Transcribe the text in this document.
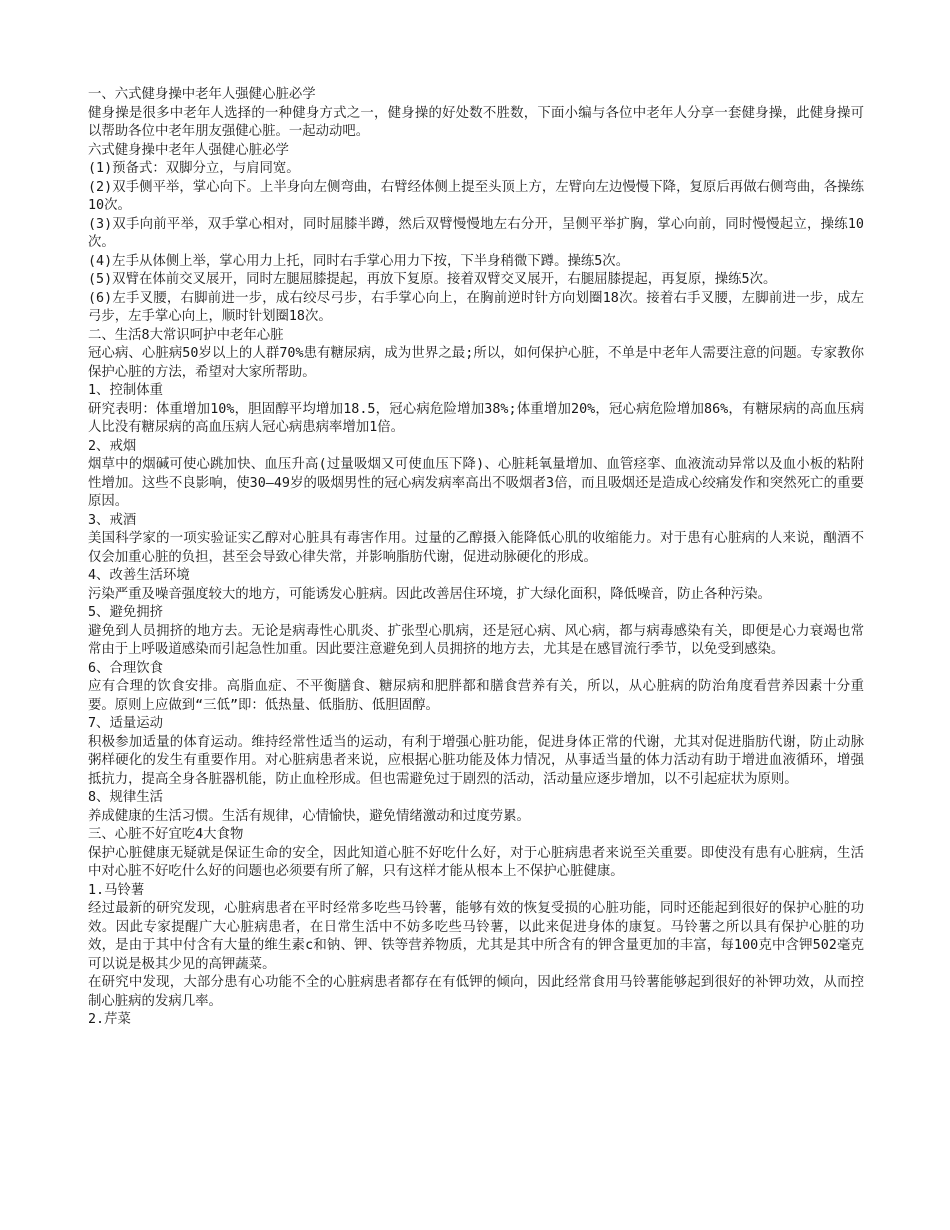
一、六式健身操中老年人强健心脏必学

健身操是很多中老年人选择的一种健身方式之一，健身操的好处数不胜数，下面小编与各位中老年人分享一套健身操，此健身操可以帮助各位中老年朋友强健心脏。一起动动吧。

六式健身操中老年人强健心脏必学

(1)预备式：双脚分立，与肩同宽。

(2)双手侧平举，掌心向下。上半身向左侧弯曲，右臂经体侧上提至头顶上方，左臂向左边慢慢下降，复原后再做右侧弯曲，各操练10次。

(3)双手向前平举，双手掌心相对，同时屈膝半蹲，然后双臂慢慢地左右分开，呈侧平举扩胸，掌心向前，同时慢慢起立，操练10次。

(4)左手从体侧上举，掌心用力上托，同时右手掌心用力下按，下半身稍微下蹲。操练5次。

(5)双臂在体前交叉展开，同时左腿屈膝提起，再放下复原。接着双臂交叉展开，右腿屈膝提起，再复原，操练5次。

(6)左手叉腰，右脚前进一步，成右绞尽弓步，右手掌心向上，在胸前逆时针方向划圈18次。接着右手叉腰，左脚前进一步，成左弓步，左手掌心向上，顺时针划圈18次。

二、生活8大常识呵护中老年心脏

冠心病、心脏病50岁以上的人群70%患有糖尿病，成为世界之最;所以，如何保护心脏，不单是中老年人需要注意的问题。专家教你保护心脏的方法，希望对大家所帮助。

1、控制体重

研究表明：体重增加10%，胆固醇平均增加18.5，冠心病危险增加38%;体重增加20%，冠心病危险增加86%，有糖尿病的高血压病人比没有糖尿病的高血压病人冠心病患病率增加1倍。

2、戒烟

烟草中的烟碱可使心跳加快、血压升高(过量吸烟又可使血压下降)、心脏耗氧量增加、血管痉挛、血液流动异常以及血小板的粘附性增加。这些不良影响，使30—49岁的吸烟男性的冠心病发病率高出不吸烟者3倍，而且吸烟还是造成心绞痛发作和突然死亡的重要原因。

3、戒酒

美国科学家的一项实验证实乙醇对心脏具有毒害作用。过量的乙醇摄入能降低心肌的收缩能力。对于患有心脏病的人来说，酗酒不仅会加重心脏的负担，甚至会导致心律失常，并影响脂肪代谢，促进动脉硬化的形成。

4、改善生活环境

污染严重及噪音强度较大的地方，可能诱发心脏病。因此改善居住环境，扩大绿化面积，降低噪音，防止各种污染。

5、避免拥挤

避免到人员拥挤的地方去。无论是病毒性心肌炎、扩张型心肌病，还是冠心病、风心病，都与病毒感染有关，即便是心力衰竭也常常由于上呼吸道感染而引起急性加重。因此要注意避免到人员拥挤的地方去，尤其是在感冒流行季节，以免受到感染。

6、合理饮食

应有合理的饮食安排。高脂血症、不平衡膳食、糖尿病和肥胖都和膳食营养有关，所以，从心脏病的防治角度看营养因素十分重要。原则上应做到“三低”即：低热量、低脂肪、低胆固醇。

7、适量运动

积极参加适量的体育运动。维持经常性适当的运动，有利于增强心脏功能，促进身体正常的代谢，尤其对促进脂肪代谢，防止动脉粥样硬化的发生有重要作用。对心脏病患者来说，应根据心脏功能及体力情况，从事适当量的体力活动有助于增进血液循环，增强抵抗力，提高全身各脏器机能，防止血栓形成。但也需避免过于剧烈的活动，活动量应逐步增加，以不引起症状为原则。

8、规律生活

养成健康的生活习惯。生活有规律，心情愉快，避免情绪激动和过度劳累。

三、心脏不好宜吃4大食物

保护心脏健康无疑就是保证生命的安全，因此知道心脏不好吃什么好，对于心脏病患者来说至关重要。即使没有患有心脏病，生活中对心脏不好吃什么好的问题也必须要有所了解，只有这样才能从根本上不保护心脏健康。

1.马铃薯

经过最新的研究发现，心脏病患者在平时经常多吃些马铃薯，能够有效的恢复受损的心脏功能，同时还能起到很好的保护心脏的功效。因此专家提醒广大心脏病患者，在日常生活中不妨多吃些马铃薯，以此来促进身体的康复。马铃薯之所以具有保护心脏的功效，是由于其中付含有大量的维生素c和钠、钾、铁等营养物质，尤其是其中所含有的钾含量更加的丰富，每100克中含钾502毫克可以说是极其少见的高钾蔬菜。

在研究中发现，大部分患有心功能不全的心脏病患者都存在有低钾的倾向，因此经常食用马铃薯能够起到很好的补钾功效，从而控制心脏病的发病几率。

2.芹菜
